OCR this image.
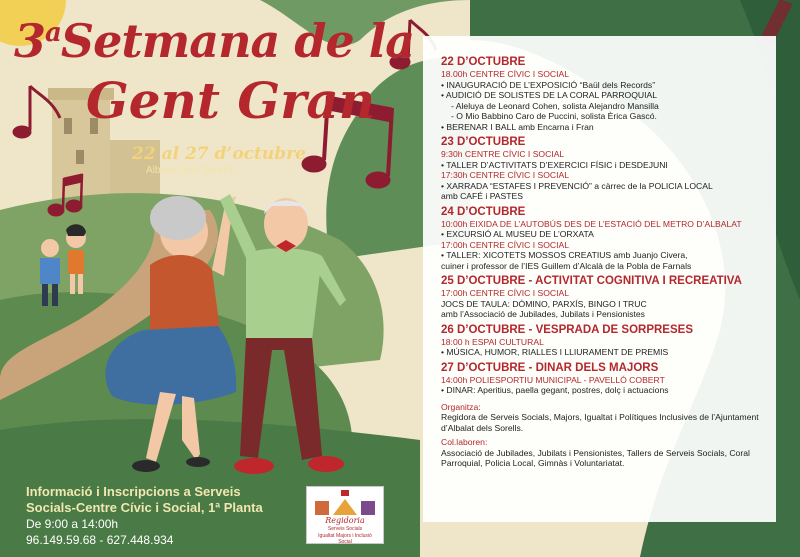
3$^a$Setmana de la
Gent Gran
22 al 27 d’octubre
Albalat Dels Sorells
Informació i Inscripcions a Serveis
Socials-Centre Cívic i Social, 1ª Planta
De 9:00 a 14:00h
96.149.59.68 - 627.448.934
Regidoria
Serveis Socials
Igualtat Majors i Inclusió Social
22 D’OCTUBRE
18.00h CENTRE CÍVIC I SOCIAL
• INAUGURACIÓ DE L’EXPOSICIÓ “Baül dels Records”
• AUDICIÓ DE SOLISTES DE LA CORAL PARROQUIAL
- Aleluya de Leonard Cohen, solista Alejandro Mansilla
- O Mio Babbino Caro de Puccini, solista Èrica Gascó.
• BERENAR I BALL amb Encarna i Fran
23 D’OCTUBRE
9:30h CENTRE CÍVIC I SOCIAL
• TALLER D’ACTIVITATS D’EXERCICI FÍSIC i DESDEJUNI
17:30h CENTRE CÍVIC I SOCIAL
• XARRADA “ESTAFES I PREVENCIÓ” a càrrec de la POLICIA LOCAL
amb CAFÉ i PASTES
24 D’OCTUBRE
10:00h EIXIDA DE L’AUTOBÚS DES DE L’ESTACIÓ DEL METRO D’ALBALAT
• EXCURSIÓ AL MUSEU DE L’ORXATA
17:00h CENTRE CÍVIC I SOCIAL
• TALLER: XICOTETS MOSSOS CREATIUS amb Juanjo Civera,
cuiner i professor de l’IES Guillem d’Alcalà de la Pobla de Farnals
25 D’OCTUBRE - ACTIVITAT COGNITIVA I RECREATIVA
17:00h CENTRE CÍVIC I SOCIAL
JOCS DE TAULA: DÒMINO, PARXÍS, BINGO I TRUC
amb l’Associació de Jubilades, Jubilats i Pensionistes
26 D’OCTUBRE - VESPRADA DE SORPRESES
18:00 h ESPAI CULTURAL
• MÚSICA, HUMOR, RIALLES I LLIURAMENT DE PREMIS
27 D’OCTUBRE - DINAR DELS MAJORS
14:00h POLIESPORTIU MUNICIPAL - PAVELLÓ COBERT
• DINAR: Aperitius, paella gegant, postres, dolç i actuacions
Organitza:
Regidora de Serveis Socials, Majors, Igualtat i Polítiques Inclusives de l’Ajuntament d’Albalat dels Sorells.
Col.laboren:
Associació de Jubilades, Jubilats i Pensionistes, Tallers de Serveis Socials, Coral Parroquial, Policia Local, Gimnàs i Voluntariatat.
